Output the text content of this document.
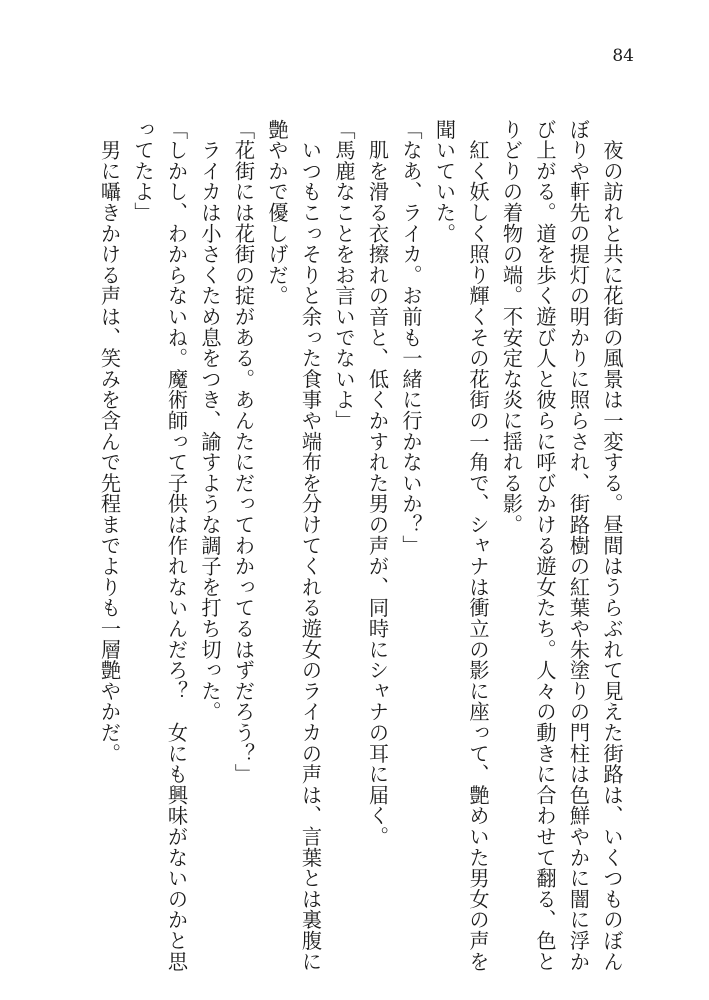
84

　夜の訪れと共に花街の風景は一変する。昼間はうらぶれて見えた街路は、いくつものぼん

ぼりや軒先の提灯の明かりに照らされ、街路樹の紅葉や朱塗りの門柱は色鮮やかに闇に浮か

び上がる。道を歩く遊び人と彼らに呼びかける遊女たち。人々の動きに合わせて翻る、色と

りどりの着物の端。不安定な炎に揺れる影。

　紅く妖しく照り輝くその花街の一角で、シャナは衝立の影に座って、艶めいた男女の声を

聞いていた。

「なあ、ライカ。お前も一緒に行かないか？」

　肌を滑る衣擦れの音と、低くかすれた男の声が、同時にシャナの耳に届く。

「馬鹿なことをお言いでないよ」

　いつもこっそりと余った食事や端布を分けてくれる遊女のライカの声は、言葉とは裏腹に

艶やかで優しげだ。

「花街には花街の掟がある。あんたにだってわかってるはずだろう？」

　ライカは小さくため息をつき、諭すような調子を打ち切った。

「しかし、わからないね。魔術師って子供は作れないんだろ？　女にも興味がないのかと思

ってたよ」

　男に囁きかける声は、笑みを含んで先程までよりも一層艶やかだ。
